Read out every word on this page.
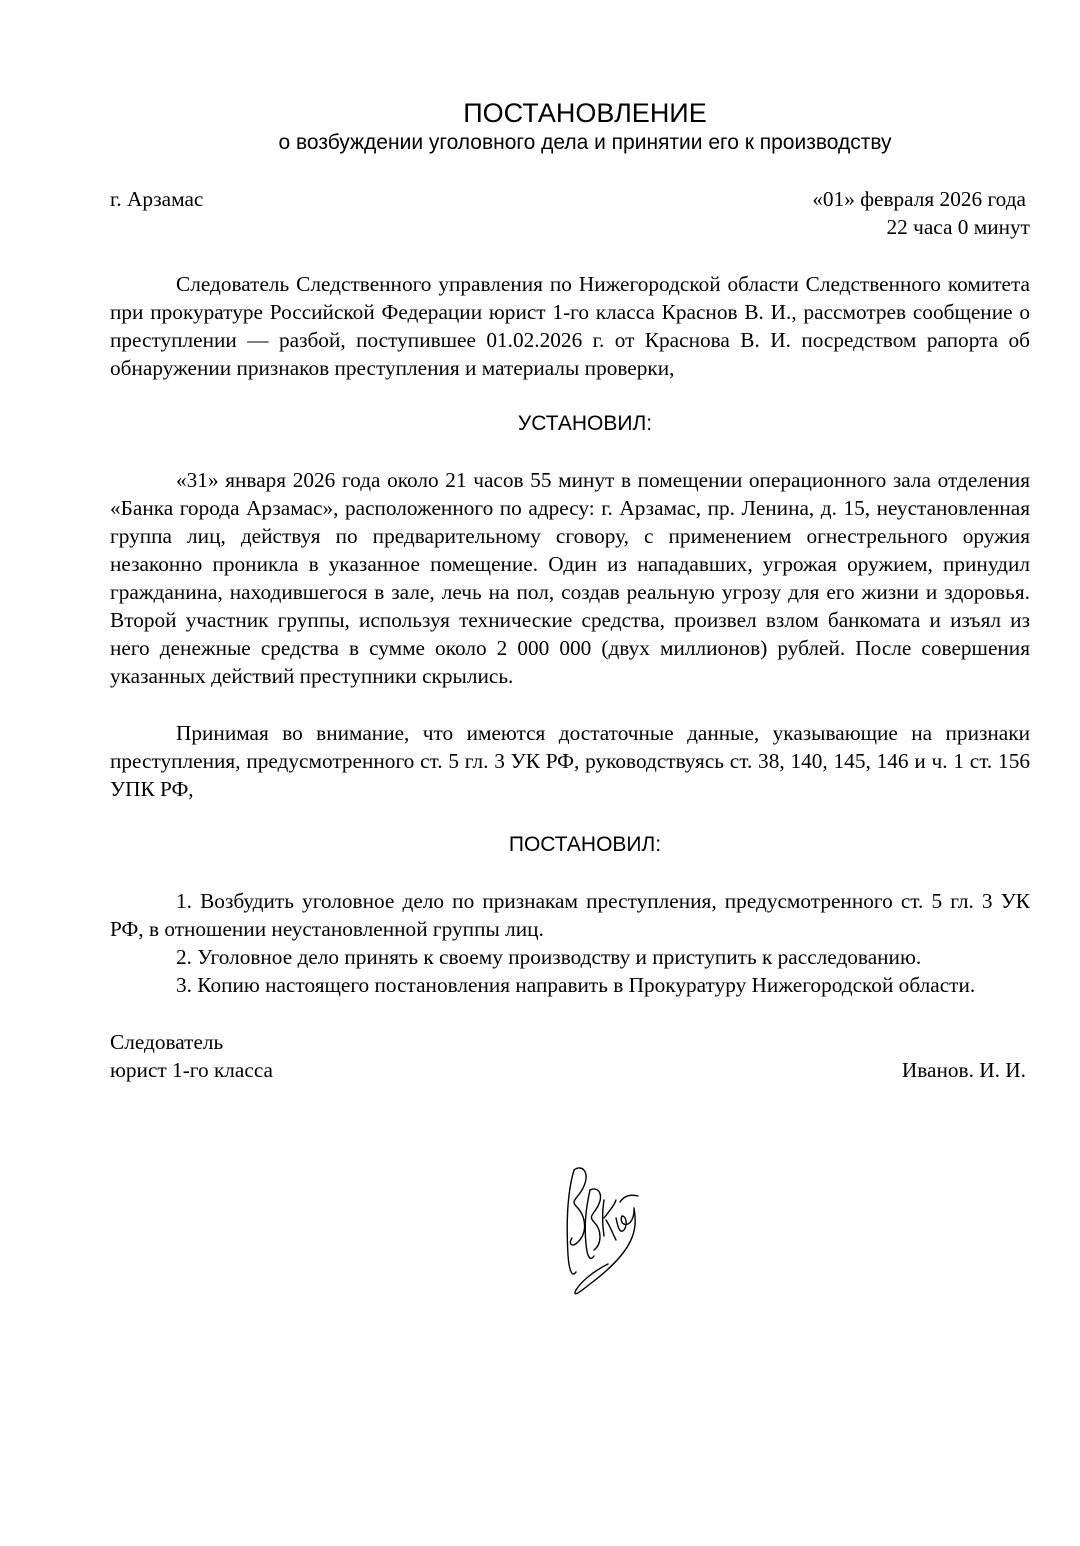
ПОСТАНОВЛЕНИЕ
о возбуждении уголовного дела и принятии его к производству
г. Арзамас	«01» февраля 2026 года
22 часа 0 минут

Следователь Следственного управления по Нижегородской области Следственного комитета при прокуратуре Российской Федерации юрист 1-го класса Краснов В. И., рассмотрев сообщение о преступлении — разбой, поступившее 01.02.2026 г. от Краснова В. И. посредством рапорта об обнаружении признаков преступления и материалы проверки,

УСТАНОВИЛ:

«31» января 2026 года около 21 часов 55 минут в помещении операционного зала отделения «Банка города Арзамас», расположенного по адресу: г. Арзамас, пр. Ленина, д. 15, неустановленная группа лиц, действуя по предварительному сговору, с применением огнестрельного оружия незаконно проникла в указанное помещение. Один из нападавших, угрожая оружием, принудил гражданина, находившегося в зале, лечь на пол, создав реальную угрозу для его жизни и здоровья. Второй участник группы, используя технические средства, произвел взлом банкомата и изъял из него денежные средства в сумме около 2 000 000 (двух миллионов) рублей. После совершения указанных действий преступники скрылись.

Принимая во внимание, что имеются достаточные данные, указывающие на признаки преступления, предусмотренного ст. 5 гл. 3 УК РФ, руководствуясь ст. 38, 140, 145, 146 и ч. 1 ст. 156 УПК РФ,

ПОСТАНОВИЛ:

1. Возбудить уголовное дело по признакам преступления, предусмотренного ст. 5 гл. 3 УК РФ, в отношении неустановленной группы лиц.

2. Уголовное дело принять к своему производству и приступить к расследованию.

3. Копию настоящего постановления направить в Прокуратуру Нижегородской области.

Следователь
юрист 1-го класса	Иванов. И. И.
